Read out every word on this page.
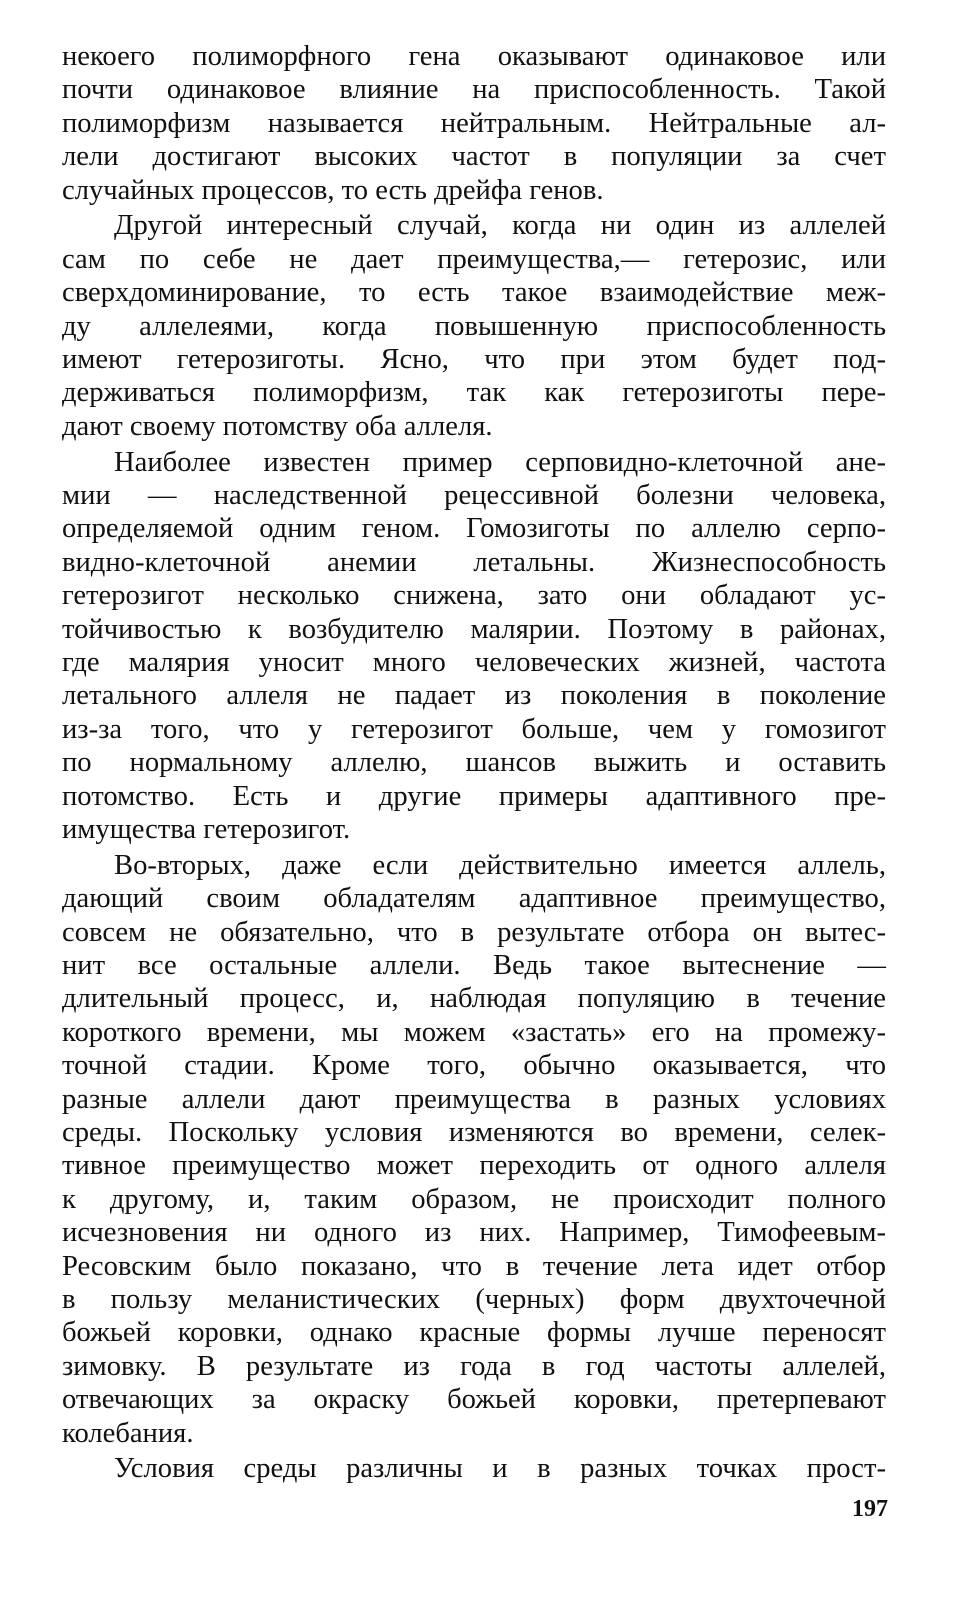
некоего полиморфного гена оказывают одинаковое или
почти одинаковое влияние на приспособленность. Такой
полиморфизм называется нейтральным. Нейтральные ал-
лели достигают высоких частот в популяции за счет
случайных процессов, то есть дрейфа генов.
Другой интересный случай, когда ни один из аллелей
сам по себе не дает преимущества,— гетерозис, или
сверхдоминирование, то есть такое взаимодействие меж-
ду аллелеями, когда повышенную приспособленность
имеют гетерозиготы. Ясно, что при этом будет под-
держиваться полиморфизм, так как гетерозиготы пере-
дают своему потомству оба аллеля.
Наиболее известен пример серповидно-клеточной ане-
мии — наследственной рецессивной болезни человека,
определяемой одним геном. Гомозиготы по аллелю серпо-
видно-клеточной анемии летальны. Жизнеспособность
гетерозигот несколько снижена, зато они обладают ус-
тойчивостью к возбудителю малярии. Поэтому в районах,
где малярия уносит много человеческих жизней, частота
летального аллеля не падает из поколения в поколение
из-за того, что у гетерозигот больше, чем у гомозигот
по нормальному аллелю, шансов выжить и оставить
потомство. Есть и другие примеры адаптивного пре-
имущества гетерозигот.
Во-вторых, даже если действительно имеется аллель,
дающий своим обладателям адаптивное преимущество,
совсем не обязательно, что в результате отбора он вытес-
нит все остальные аллели. Ведь такое вытеснение —
длительный процесс, и, наблюдая популяцию в течение
короткого времени, мы можем «застать» его на промежу-
точной стадии. Кроме того, обычно оказывается, что
разные аллели дают преимущества в разных условиях
среды. Поскольку условия изменяются во времени, селек-
тивное преимущество может переходить от одного аллеля
к другому, и, таким образом, не происходит полного
исчезновения ни одного из них. Например, Тимофеевым-
Ресовским было показано, что в течение лета идет отбор
в пользу меланистических (черных) форм двухточечной
божьей коровки, однако красные формы лучше переносят
зимовку. В результате из года в год частоты аллелей,
отвечающих за окраску божьей коровки, претерпевают
колебания.
Условия среды различны и в разных точках прост-
197
